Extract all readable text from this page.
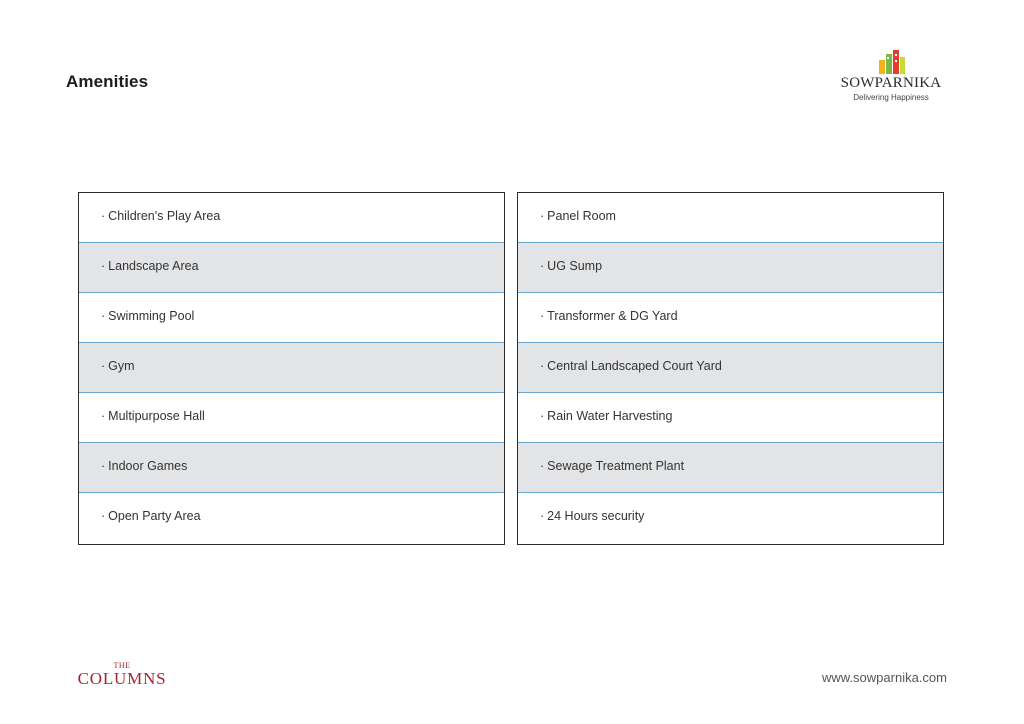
Amenities	SOWPARNIKA
Delivering Happiness
· Children's Play Area
· Landscape Area
· Swimming Pool
· Gym
· Multipurpose Hall
· Indoor Games
· Open Party Area
· Panel Room
· UG Sump
· Transformer & DG Yard
· Central Landscaped Court Yard
· Rain Water Harvesting
· Sewage Treatment Plant
· 24 Hours security
THE
COLUMNS	www.sowparnika.com
